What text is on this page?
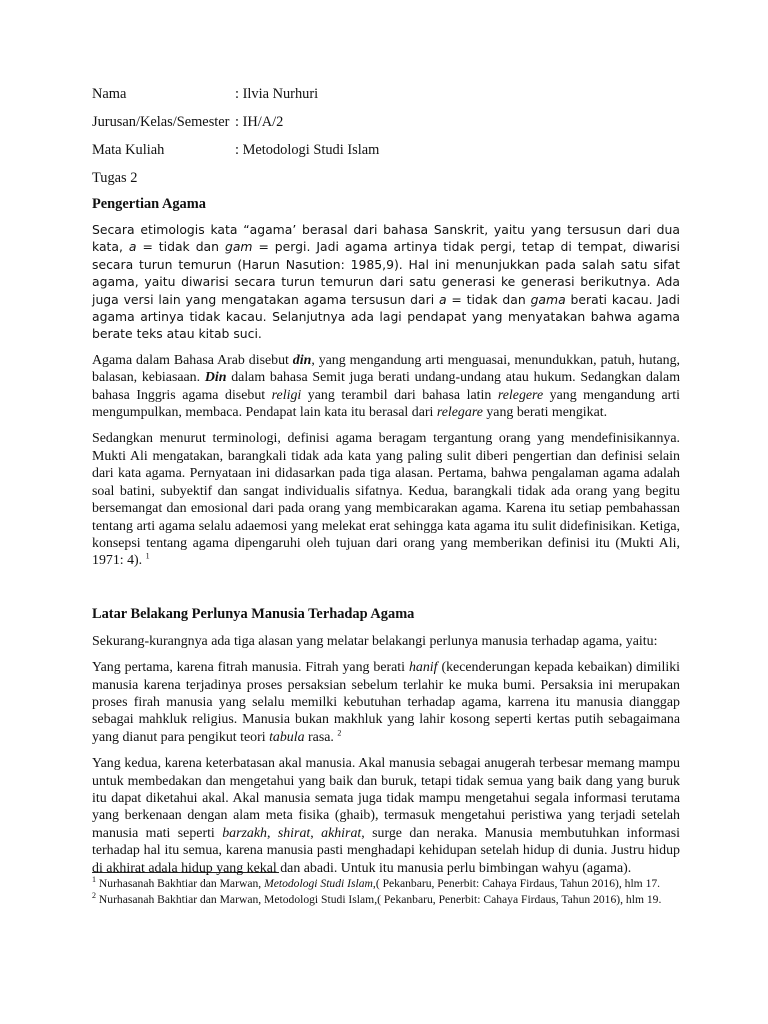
Nama	: Ilvia Nurhuri
Jurusan/Kelas/Semester : IH/A/2
Mata Kuliah	: Metodologi Studi Islam
Tugas 2
Pengertian Agama

Secara etimologis kata “agama’ berasal dari bahasa Sanskrit, yaitu yang tersusun dari dua kata, a = tidak dan gam = pergi. Jadi agama artinya tidak pergi, tetap di tempat, diwarisi secara turun temurun (Harun Nasution: 1985,9). Hal ini menunjukkan pada salah satu sifat agama, yaitu diwarisi secara turun temurun dari satu generasi ke generasi berikutnya. Ada juga versi lain yang mengatakan agama tersusun dari a = tidak dan gama berati kacau. Jadi agama artinya tidak kacau. Selanjutnya ada lagi pendapat yang menyatakan bahwa agama berate teks atau kitab suci.

Agama dalam Bahasa Arab disebut din, yang mengandung arti menguasai, menundukkan, patuh, hutang, balasan, kebiasaan. Din dalam bahasa Semit juga berati undang-undang atau hukum. Sedangkan dalam bahasa Inggris agama disebut religi yang terambil dari bahasa latin relegere yang mengandung arti mengumpulkan, membaca. Pendapat lain kata itu berasal dari relegare yang berati mengikat.

Sedangkan menurut terminologi, definisi agama beragam tergantung orang yang mendefinisikannya. Mukti Ali mengatakan, barangkali tidak ada kata yang paling sulit diberi pengertian dan definisi selain dari kata agama. Pernyataan ini didasarkan pada tiga alasan. Pertama, bahwa pengalaman agama adalah soal batini, subyektif dan sangat individualis sifatnya. Kedua, barangkali tidak ada orang yang begitu bersemangat dan emosional dari pada orang yang membicarakan agama. Karena itu setiap pembahassan tentang arti agama selalu adaemosi yang melekat erat sehingga kata agama itu sulit didefinisikan. Ketiga, konsepsi tentang agama dipengaruhi oleh tujuan dari orang yang memberikan definisi itu (Mukti Ali, 1971: 4). $^1$

Latar Belakang Perlunya Manusia Terhadap Agama

Sekurang-kurangnya ada tiga alasan yang melatar belakangi perlunya manusia terhadap agama, yaitu:

Yang pertama, karena fitrah manusia. Fitrah yang berati hanif (kecenderungan kepada kebaikan) dimiliki manusia karena terjadinya proses persaksian sebelum terlahir ke muka bumi. Persaksia ini merupakan proses firah manusia yang selalu memilki kebutuhan terhadap agama, karrena itu manusia dianggap sebagai mahkluk religius. Manusia bukan makhluk yang lahir kosong seperti kertas putih sebagaimana yang dianut para pengikut teori tabula rasa. $^2$

Yang kedua, karena keterbatasan akal manusia. Akal manusia sebagai anugerah terbesar memang mampu untuk membedakan dan mengetahui yang baik dan buruk, tetapi tidak semua yang baik dang yang buruk itu dapat diketahui akal. Akal manusia semata juga tidak mampu mengetahui segala informasi terutama yang berkenaan dengan alam meta fisika (ghaib), termasuk mengetahui peristiwa yang terjadi setelah manusia mati seperti barzakh, shirat, akhirat, surge dan neraka. Manusia membutuhkan informasi terhadap hal itu semua, karena manusia pasti menghadapi kehidupan setelah hidup di dunia. Justru hidup di akhirat adala hidup yang kekal dan abadi. Untuk itu manusia perlu bimbingan wahyu (agama).

$^1$ Nurhasanah Bakhtiar dan Marwan, Metodologi Studi Islam,( Pekanbaru, Penerbit: Cahaya Firdaus, Tahun 2016), hlm 17.
$^2$ Nurhasanah Bakhtiar dan Marwan, Metodologi Studi Islam,( Pekanbaru, Penerbit: Cahaya Firdaus, Tahun 2016), hlm 19.
